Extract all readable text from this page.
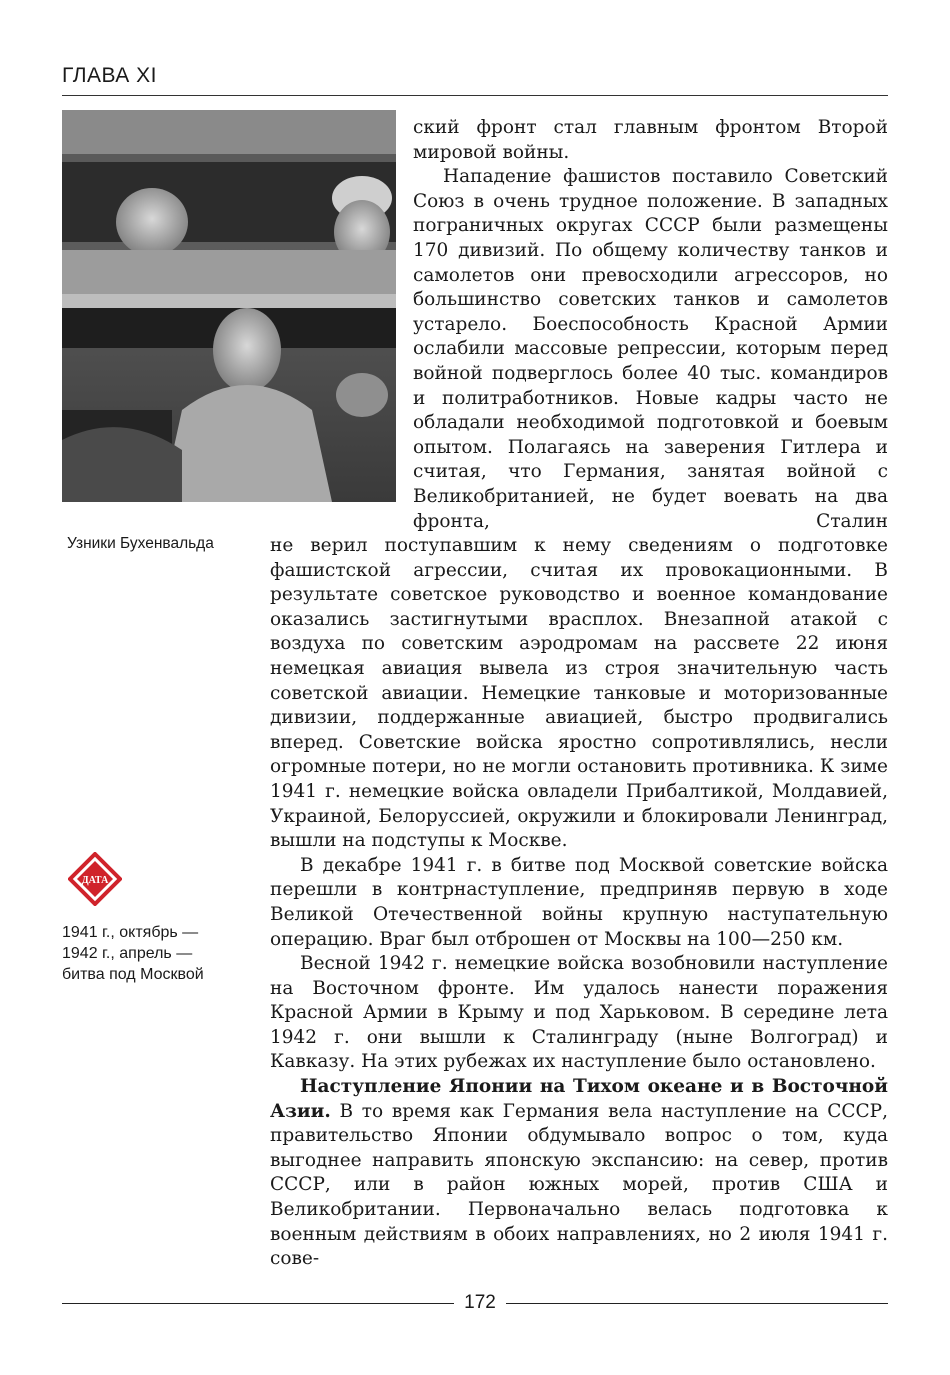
ГЛАВА XI
Узники Бухенвальда
ДАТА
1941 г., октябрь —
1942 г., апрель —
битва под Москвой

ский фронт стал главным фронтом Второй мировой войны.

Нападение фашистов поставило Советский Союз в очень трудное положение. В западных пограничных округах СССР были размещены 170 дивизий. По общему количеству танков и самолетов они превосходили агрессоров, но большинство советских танков и самолетов устарело. Боеспособность Красной Армии ослабили массовые репрессии, которым перед войной подверглось более 40 тыс. командиров и политработников. Новые кадры часто не обладали необходимой подготовкой и боевым опытом. Полагаясь на заверения Гитлера и считая, что Германия, занятая войной с Великобританией, не будет воевать на два фронта, Сталин

не верил поступавшим к нему сведениям о подготовке фашистской агрессии, считая их провокационными. В результате советское руководство и военное командование оказались застигнутыми врасплох. Внезапной атакой с воздуха по советским аэродромам на рассвете 22 июня немецкая авиация вывела из строя значительную часть советской авиации. Немецкие танковые и моторизованные дивизии, поддержанные авиацией, быстро продвигались вперед. Советские войска яростно сопротивлялись, несли огромные потери, но не могли остановить противника. К зиме 1941 г. немецкие войска овладели Прибалтикой, Молдавией, Украиной, Белоруссией, окружили и блокировали Ленинград, вышли на подступы к Москве.

В декабре 1941 г. в битве под Москвой советские войска перешли в контрнаступление, предприняв первую в ходе Великой Отечественной войны крупную наступательную операцию. Враг был отброшен от Москвы на 100—250 км.

Весной 1942 г. немецкие войска возобновили наступление на Восточном фронте. Им удалось нанести поражения Красной Армии в Крыму и под Харьковом. В середине лета 1942 г. они вышли к Сталинграду (ныне Волгоград) и Кавказу. На этих рубежах их наступление было остановлено.

Наступление Японии на Тихом океане и в Восточной Азии. В то время как Германия вела наступление на СССР, правительство Японии обдумывало вопрос о том, куда выгоднее направить японскую экспансию: на север, против СССР, или в район южных морей, против США и Великобритании. Первоначально велась подготовка к военным действиям в обоих направлениях, но 2 июля 1941 г. сове-

172
